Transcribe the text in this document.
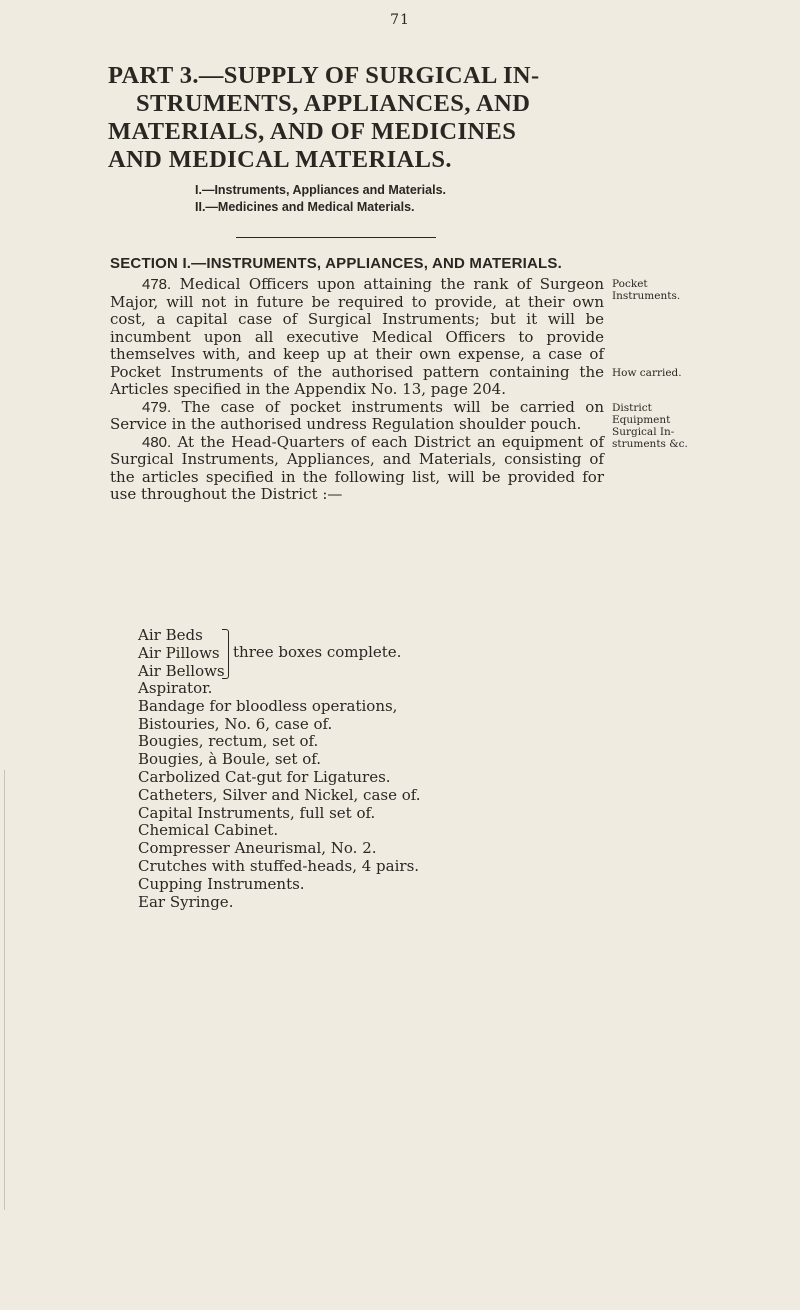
71
PART 3.—SUPPLY OF SURGICAL IN-
STRUMENTS, APPLIANCES, AND
MATERIALS, AND OF MEDICINES
AND MEDICAL MATERIALS.
I.—Instruments, Appliances and Materials.
II.—Medicines and Medical Materials.
SECTION I.—INSTRUMENTS, APPLIANCES, AND MATERIALS.

478. Medical Officers upon attaining the rank of Surgeon Major, will not in future be required to provide, at their own cost, a capital case of Surgical Instruments; but it will be incumbent upon all executive Medical Officers to provide themselves with, and keep up at their own expense, a case of Pocket Instruments of the authorised pattern containing the Articles specified in the Appendix No. 13, page 204.

479. The case of pocket instruments will be carried on Service in the authorised undress Regulation shoulder pouch.

480. At the Head-Quarters of each District an equipment of Surgical Instruments, Appliances, and Materials, consisting of the articles specified in the following list, will be provided for use throughout the District :—

Pocket
Instruments.
How carried.
District
Equipment
Surgical In-
struments &c.
Air Beds
Air Pillows
Air Bellows
three boxes complete.
Aspirator.
Bandage for bloodless operations,
Bistouries, No. 6, case of.
Bougies, rectum, set of.
Bougies, à Boule, set of.
Carbolized Cat-gut for Ligatures.
Catheters, Silver and Nickel, case of.
Capital Instruments, full set of.
Chemical Cabinet.
Compresser Aneurismal, No. 2.
Crutches with stuffed-heads, 4 pairs.
Cupping Instruments.
Ear Syringe.
